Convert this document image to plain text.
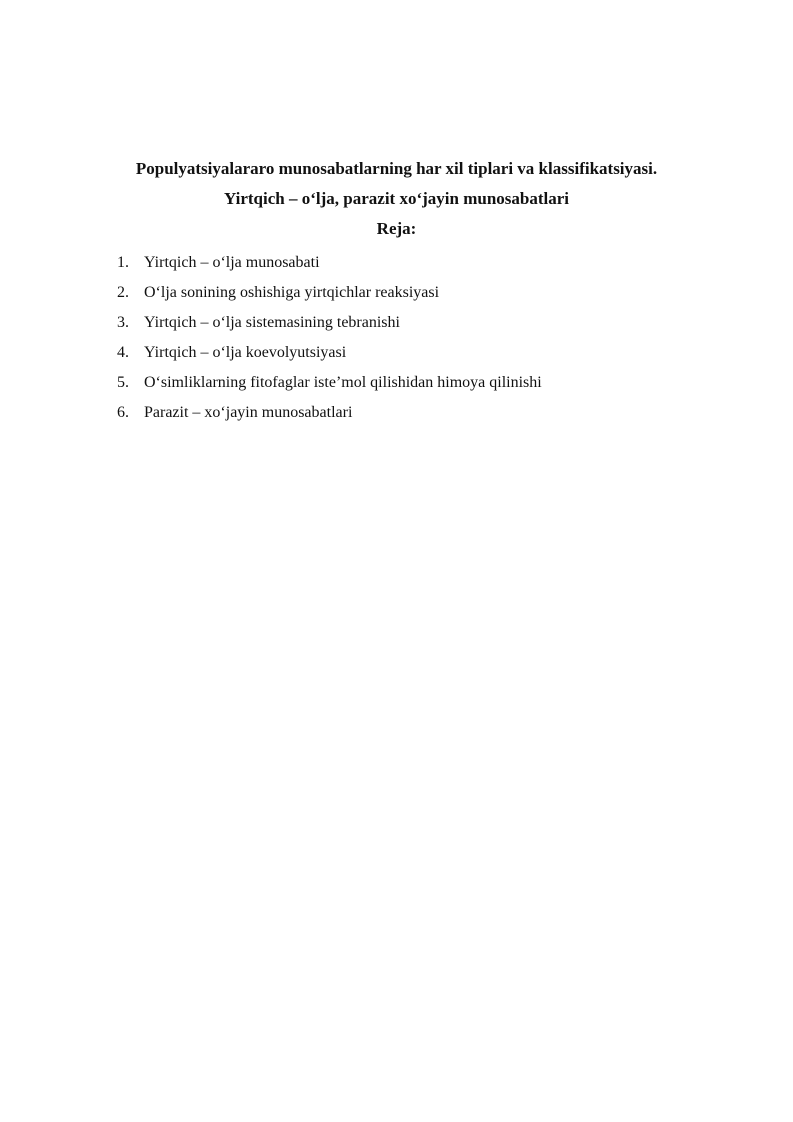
Populyatsiyalararo munosabatlarning har xil tiplari va klassifikatsiyasi.
Yirtqich – o‘lja, parazit xo‘jayin munosabatlari
Reja:
1. Yirtqich – o‘lja munosabati
2. O‘lja sonining oshishiga yirtqichlar reaksiyasi
3. Yirtqich – o‘lja sistemasining tebranishi
4. Yirtqich – o‘lja koevolyutsiyasi
5. O‘simliklarning fitofaglar iste’mol qilishidan himoya qilinishi
6. Parazit – xo‘jayin munosabatlari
